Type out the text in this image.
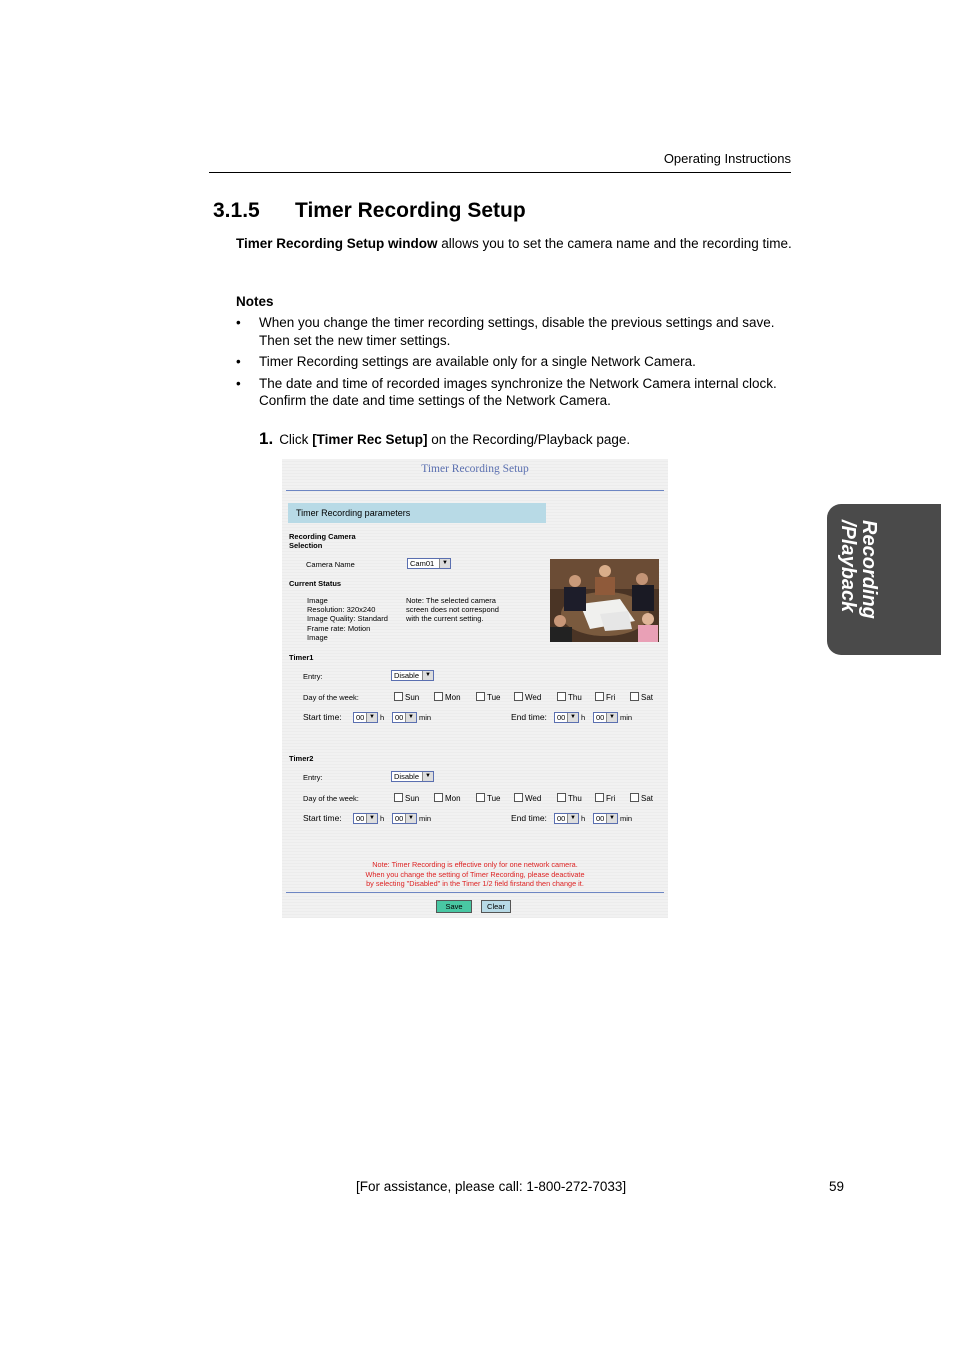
Operating Instructions
3.1.5 Timer Recording Setup
Timer Recording Setup window allows you to set the camera name and the recording time.
Notes
• When you change the timer recording settings, disable the previous settings and save. Then set the new timer settings.
• Timer Recording settings are available only for a single Network Camera.
• The date and time of recorded images synchronize the Network Camera internal clock. Confirm the date and time settings of the Network Camera.
1. Click [Timer Rec Setup] on the Recording/Playback page.
Recording
/Playback
Timer Recording Setup
Timer Recording parameters
Recording Camera Selection
Camera Name	Cam01	▼
Current Status
Image
Resolution: 320x240
Image Quality: Standard
Frame rate: Motion
Image
Note: The selected camera
screen does not correspond
with the current setting.
Timer1
Entry:	Disable	▼
Day of the week:	Sun	Mon	Tue	Wed	Thu	Fri	Sat
Start time:	00 ▼ h	00 ▼ min	End time:	00 ▼ h	00 ▼ min
Timer2
Entry:	Disable	▼
Day of the week:	Sun	Mon	Tue	Wed	Thu	Fri	Sat
Start time:	00 ▼ h	00 ▼ min	End time:	00 ▼ h	00 ▼ min
Note: Timer Recording is effective only for one network camera.
When you change the setting of Timer Recording, please deactivate
by selecting "Disabled" in the Timer 1/2 field firstand then change it.
Save	Clear
[For assistance, please call: 1-800-272-7033]	59
